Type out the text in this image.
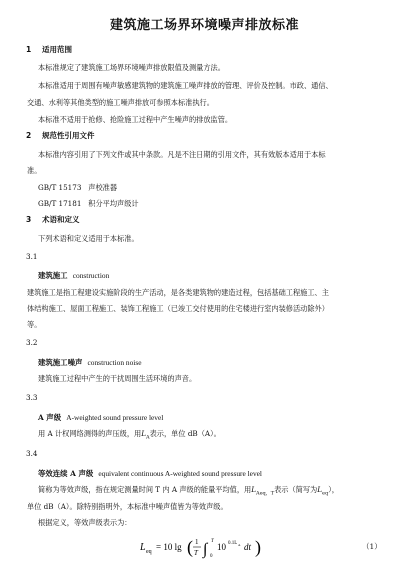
建筑施工场界环境噪声排放标准
1 适用范围
本标准规定了建筑施工场界环境噪声排放限值及测量方法。
本标准适用于周围有噪声敏感建筑物的建筑施工噪声排放的管理、评价及控制。市政、通信、
交通、水利等其他类型的施工噪声排放可参照本标准执行。
本标准不适用于抢修、抢险施工过程中产生噪声的排放监管。
2 规范性引用文件
本标准内容引用了下列文件或其中条款。凡是不注日期的引用文件，其有效版本适用于本标
准。
GB/T 15173 声校准器
GB/T 17181 积分平均声级计
3 术语和定义
下列术语和定义适用于本标准。
3.1
建筑施工 construction
建筑施工是指工程建设实施阶段的生产活动，是各类建筑物的建造过程，包括基础工程施工、主
体结构施工、屋面工程施工、装饰工程施工（已竣工交付使用的住宅楼进行室内装修活动除外）
等。
3.2
建筑施工噪声 construction noise
建筑施工过程中产生的干扰周围生活环境的声音。
3.3
A 声级 A-weighted sound pressure level
用 A 计权网络测得的声压级，用$L_A$表示，单位 dB（A）。
3.4
等效连续 A 声级 equivalent continuous A-weighted sound pressure level
简称为等效声级，指在规定测量时间 T 内 A 声级的能量平均值，用$L_{Aeq,T}$表示（简写为$L_{eq}$），
单位 dB（A）。除特别指明外，本标准中噪声值皆为等效声级。
根据定义，等效声级表示为：
L eq = 10 lg ( 1
T ∫ T
0
10 0.1L A dt )	（1）
